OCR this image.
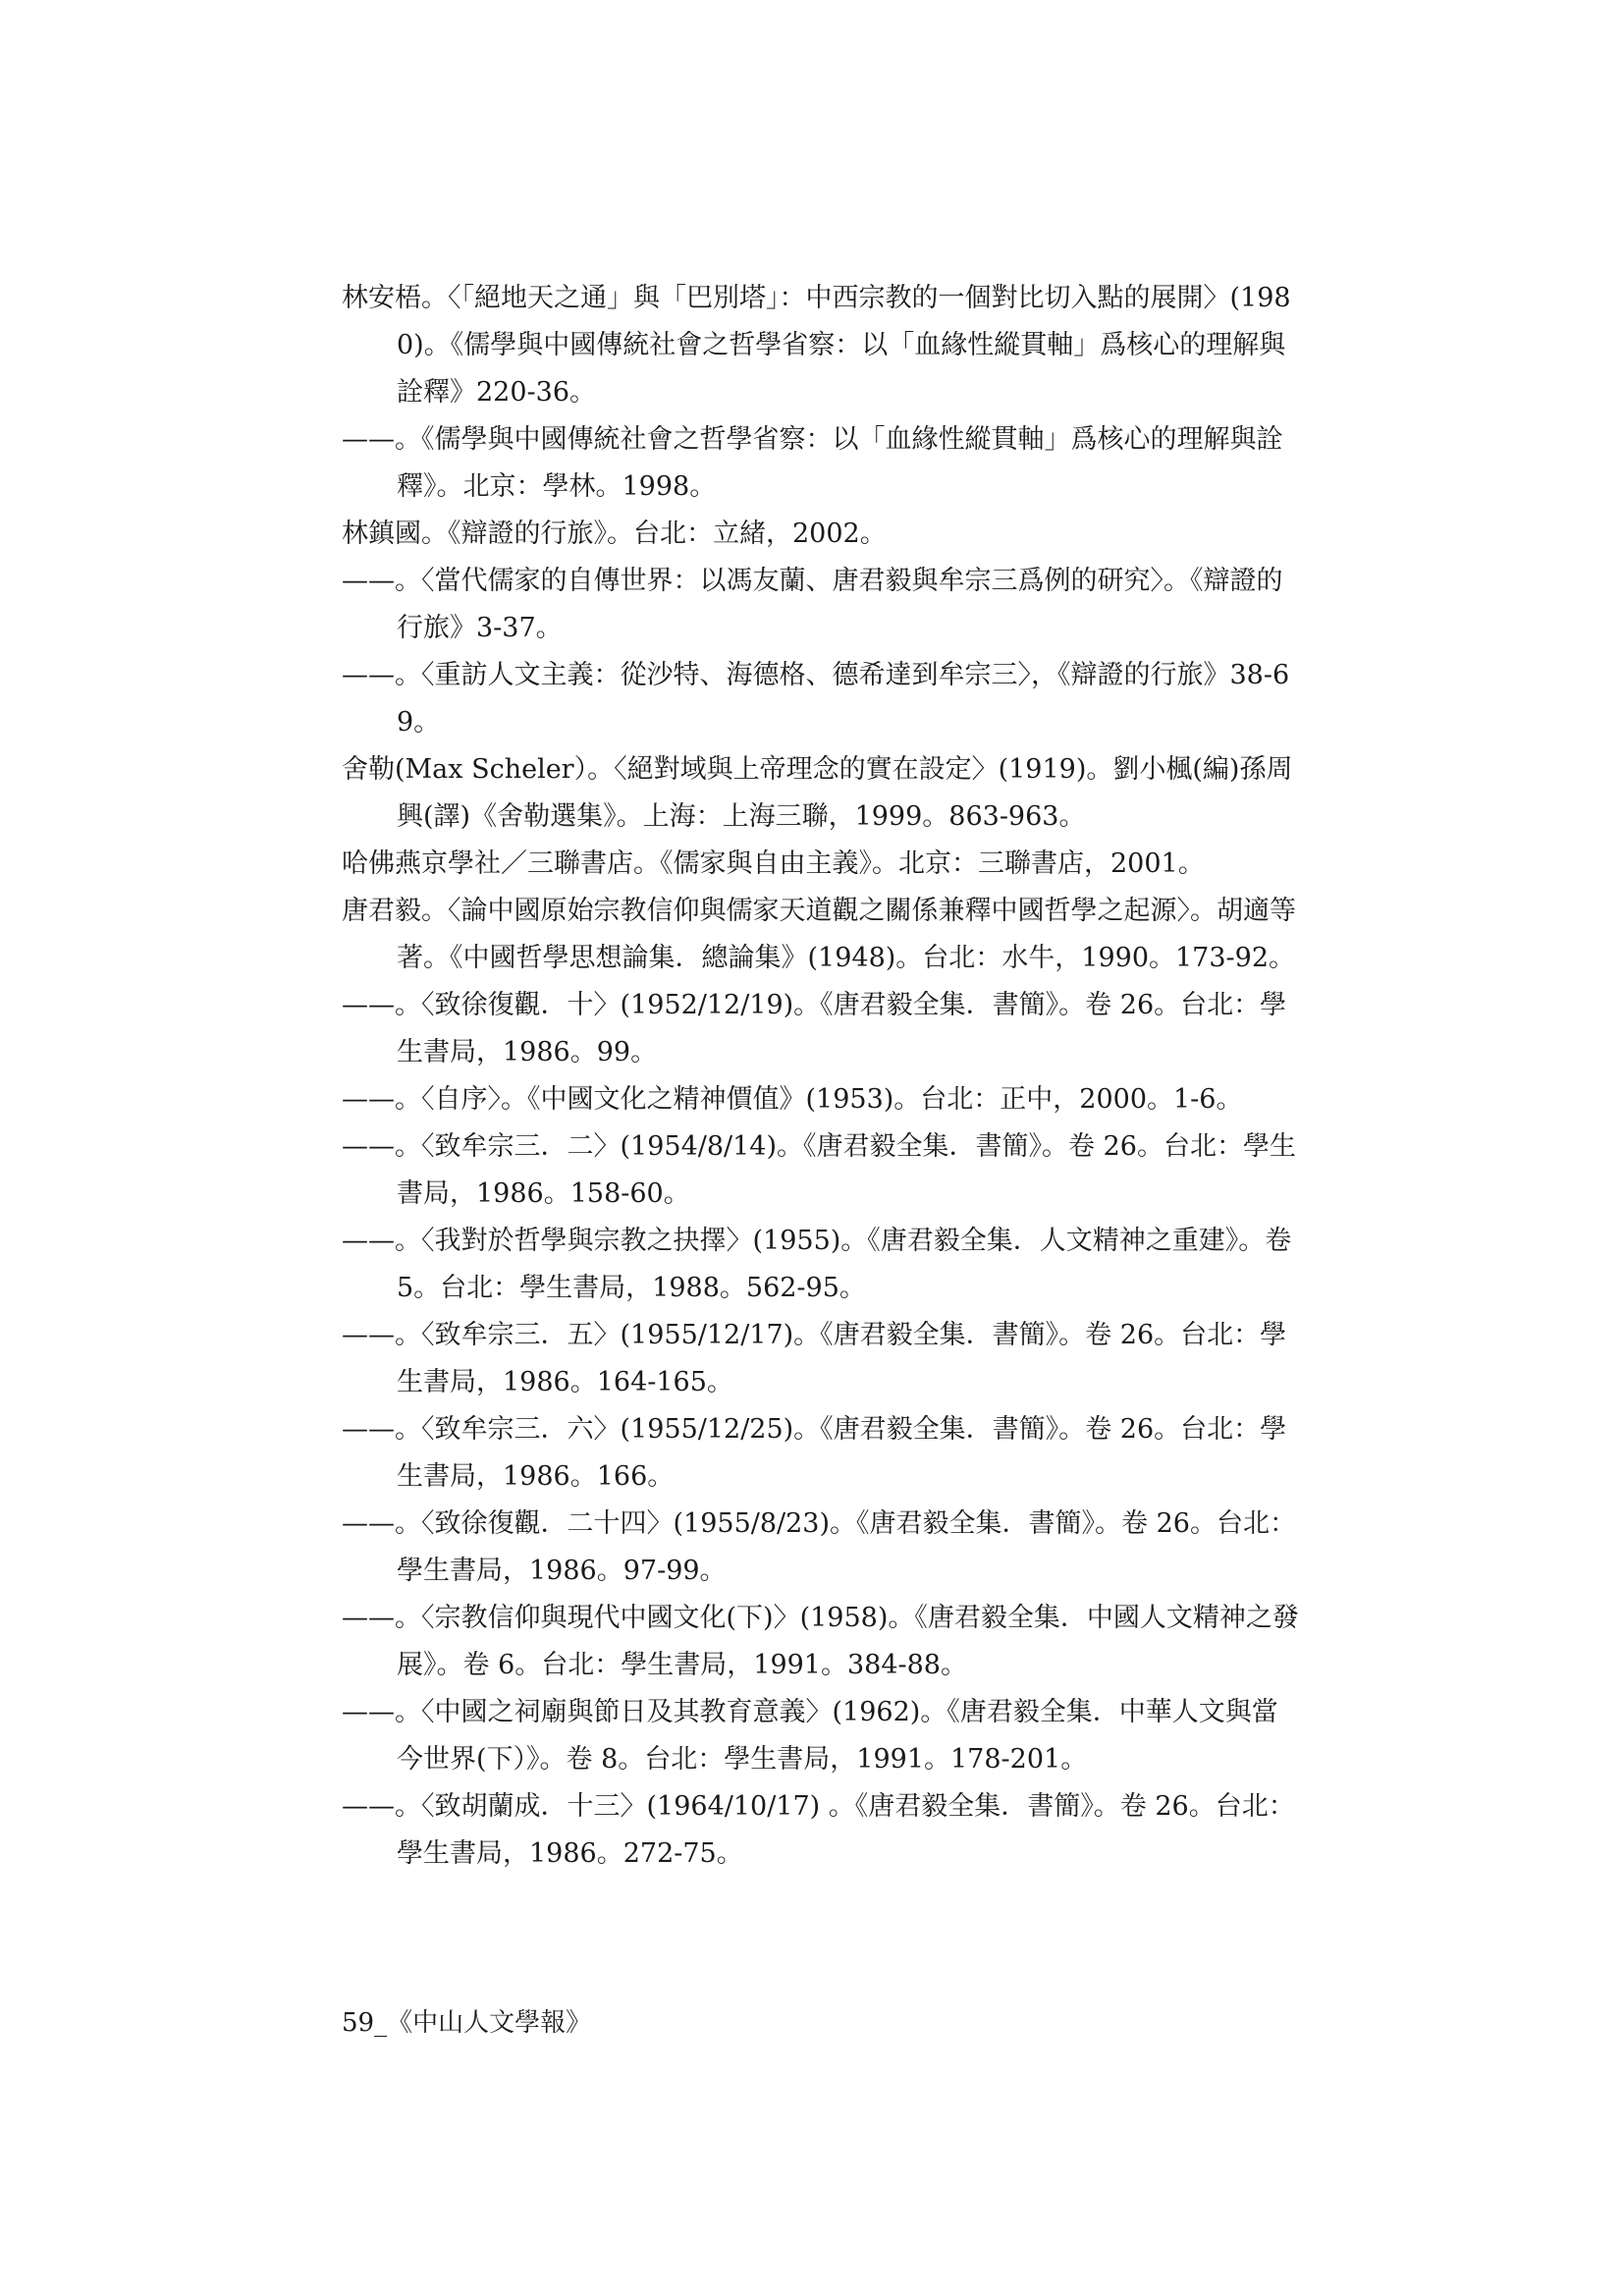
林安梧。〈「絕地天之通」與「巴別塔」：中西宗教的一個對比切入點的展開〉(1980)。《儒學與中國傳統社會之哲學省察：以「血緣性縱貫軸」爲核心的理解與詮釋》220-36。

——。《儒學與中國傳統社會之哲學省察：以「血緣性縱貫軸」爲核心的理解與詮釋》。北京：學林。1998。

林鎮國。《辯證的行旅》。台北：立緒，2002。

——。〈當代儒家的自傳世界：以馮友蘭、唐君毅與牟宗三爲例的研究〉。《辯證的行旅》3-37。

——。〈重訪人文主義：從沙特、海德格、德希達到牟宗三〉，《辯證的行旅》38-69。

舍勒(Max Scheler）。〈絕對域與上帝理念的實在設定〉(1919)。劉小楓(編)孫周興(譯)《舍勒選集》。上海：上海三聯，1999。863-963。

哈佛燕京學社／三聯書店。《儒家與自由主義》。北京：三聯書店，2001。

唐君毅。〈論中國原始宗教信仰與儒家天道觀之關係兼釋中國哲學之起源〉。胡適等著。《中國哲學思想論集．總論集》(1948)。台北：水牛，1990。173-92。

——。〈致徐復觀．十〉(1952/12/19)。《唐君毅全集．書簡》。卷 26。台北：學生書局，1986。99。

——。〈自序〉。《中國文化之精神價值》(1953)。台北：正中，2000。1-6。

——。〈致牟宗三．二〉(1954/8/14)。《唐君毅全集．書簡》。卷 26。台北：學生書局，1986。158-60。

——。〈我對於哲學與宗教之抉擇〉(1955)。《唐君毅全集．人文精神之重建》。卷 5。台北：學生書局，1988。562-95。

——。〈致牟宗三．五〉(1955/12/17)。《唐君毅全集．書簡》。卷 26。台北：學生書局，1986。164-165。

——。〈致牟宗三．六〉(1955/12/25)。《唐君毅全集．書簡》。卷 26。台北：學生書局，1986。166。

——。〈致徐復觀．二十四〉(1955/8/23)。《唐君毅全集．書簡》。卷 26。台北：學生書局，1986。97-99。

——。〈宗教信仰與現代中國文化(下)〉(1958)。《唐君毅全集．中國人文精神之發展》。卷 6。台北：學生書局，1991。384-88。

——。〈中國之祠廟與節日及其教育意義〉(1962)。《唐君毅全集．中華人文與當今世界(下）》。卷 8。台北：學生書局，1991。178-201。

——。〈致胡蘭成．十三〉(1964/10/17) 。《唐君毅全集．書簡》。卷 26。台北：學生書局，1986。272-75。

59_《中山人文學報》
